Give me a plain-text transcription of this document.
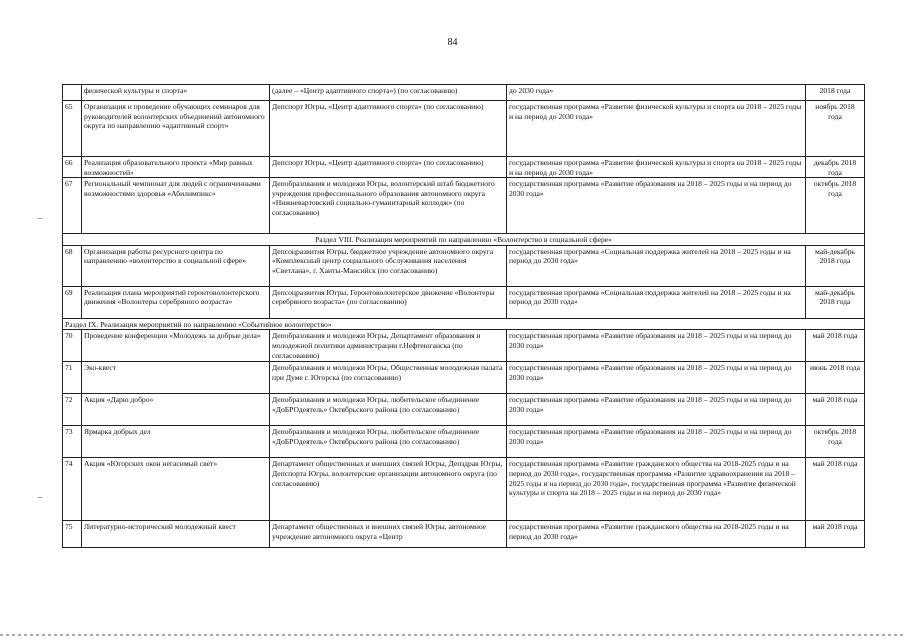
84
	физической культуры и спорта»	(далее – «Центр адаптивного спорта») (по согласованию)	до 2030 года»	2018 года
65	Организация и проведение обучающих семинаров для руководителей волонтерских объединений автономного округа по направлению «адаптивный спорт»	Депспорт Югры, «Центр адаптивного спорта» (по согласованию)	государственная программа «Развитие физической культуры и спорта на 2018 – 2025 годы и на период до 2030 года»	ноябрь 2018 года
66	Реализация образовательного проекта «Мир равных возможностей»	Депспорт Югры, «Центр адаптивного спорта» (по согласованию)	государственная программа «Развитие физической культуры и спорта на 2018 – 2025 годы и на период до 2030 года»	декабрь 2018 года
67	Региональный чемпионат для людей с ограниченными возможностями здоровья «Абилимпикс»	Депобразования и молодежи Югры, волонтерский штаб бюджетного учреждения профессионального образования автономного округа «Нижневартовский социально-гуманитарный колледж» (по согласованию)	государственная программа «Развитие образования на 2018 – 2025 годы и на период до 2030 года»	октябрь 2018 года
Раздел VIII. Реализация мероприятий по направлению «Волонтерство в социальной сфере»				
68	Организация работы ресурсного центра по направлению «волонтерство в социальной сфере»	Депсоцразвития Югры, бюджетное учреждение автономного округа «Комплексный центр социального обслуживания населения «Светлана», г. Ханты-Мансийск (по согласованию)	государственная программа «Социальная поддержка жителей на 2018 – 2025 годы и на период до 2030 года»	май-декабрь 2018 года
69	Реализация плана мероприятий геронтоволонтерского движения «Волонтеры серебряного возраста»	Депсоцразвития Югры, Геронтоволонтерское движение «Волонтеры серебряного возраста» (по согласованию)	государственная программа «Социальная поддержка жителей на 2018 – 2025 годы и на период до 2030 года»	май-декабрь 2018 года
Раздел IX. Реализация мероприятий по направлению «Событийное волонтерство»				
70	Проведение конференции «Молодежь за добрые дела»	Депобразования и молодежи Югры, Департамент образования и молодежной политики администрации г.Нефтеюганска (по согласованию)	государственная программа «Развитие образования на 2018 – 2025 годы и на период до 2030 года»	май 2018 года
71	Эко-квест	Депобразования и молодежи Югры, Общественная молодежная палата при Думе г. Югорска (по согласованию)	государственная программа «Развитие образования на 2018 – 2025 годы и на период до 2030 года»	июнь 2018 года
72	Акция «Дарю добро»	Депобразования и молодежи Югры, любительское объединение «ДоБРОдеятель» Октябрьского района (по согласованию)	государственная программа «Развитие образования на 2018 – 2025 годы и на период до 2030 года»	май 2018 года
73	Ярмарка добрых дел	Депобразования и молодежи Югры, любительское объединение «ДоБРОдеятель» Октябрьского района (по согласованию)	государственная программа «Развитие образования на 2018 – 2025 годы и на период до 2030 года»	октябрь 2018 года
74	Акция «Югорских окон негасимый свет»	Департамент общественных и внешних связей Югры, Депздрав Югры, Депспорта Югры, волонтерские организации автономного округа (по согласованию)	государственная программа «Развитие гражданского общества на 2018-2025 годы и на период до 2030 года», государственная программа «Развитие здравоохранения на 2018 – 2025 годы и на период до 2030 года», государственная программа «Развитие физической культуры и спорта на 2018 – 2025 годы и на период до 2030 года»	май 2018 года
75	Литературно-исторический молодежный квест	Департамент общественных и внешних связей Югры, автономное учреждение автономного округа «Центр	государственная программа «Развитие гражданского общества на 2018-2025 годы и на период до 2030 года»	май 2018 года
